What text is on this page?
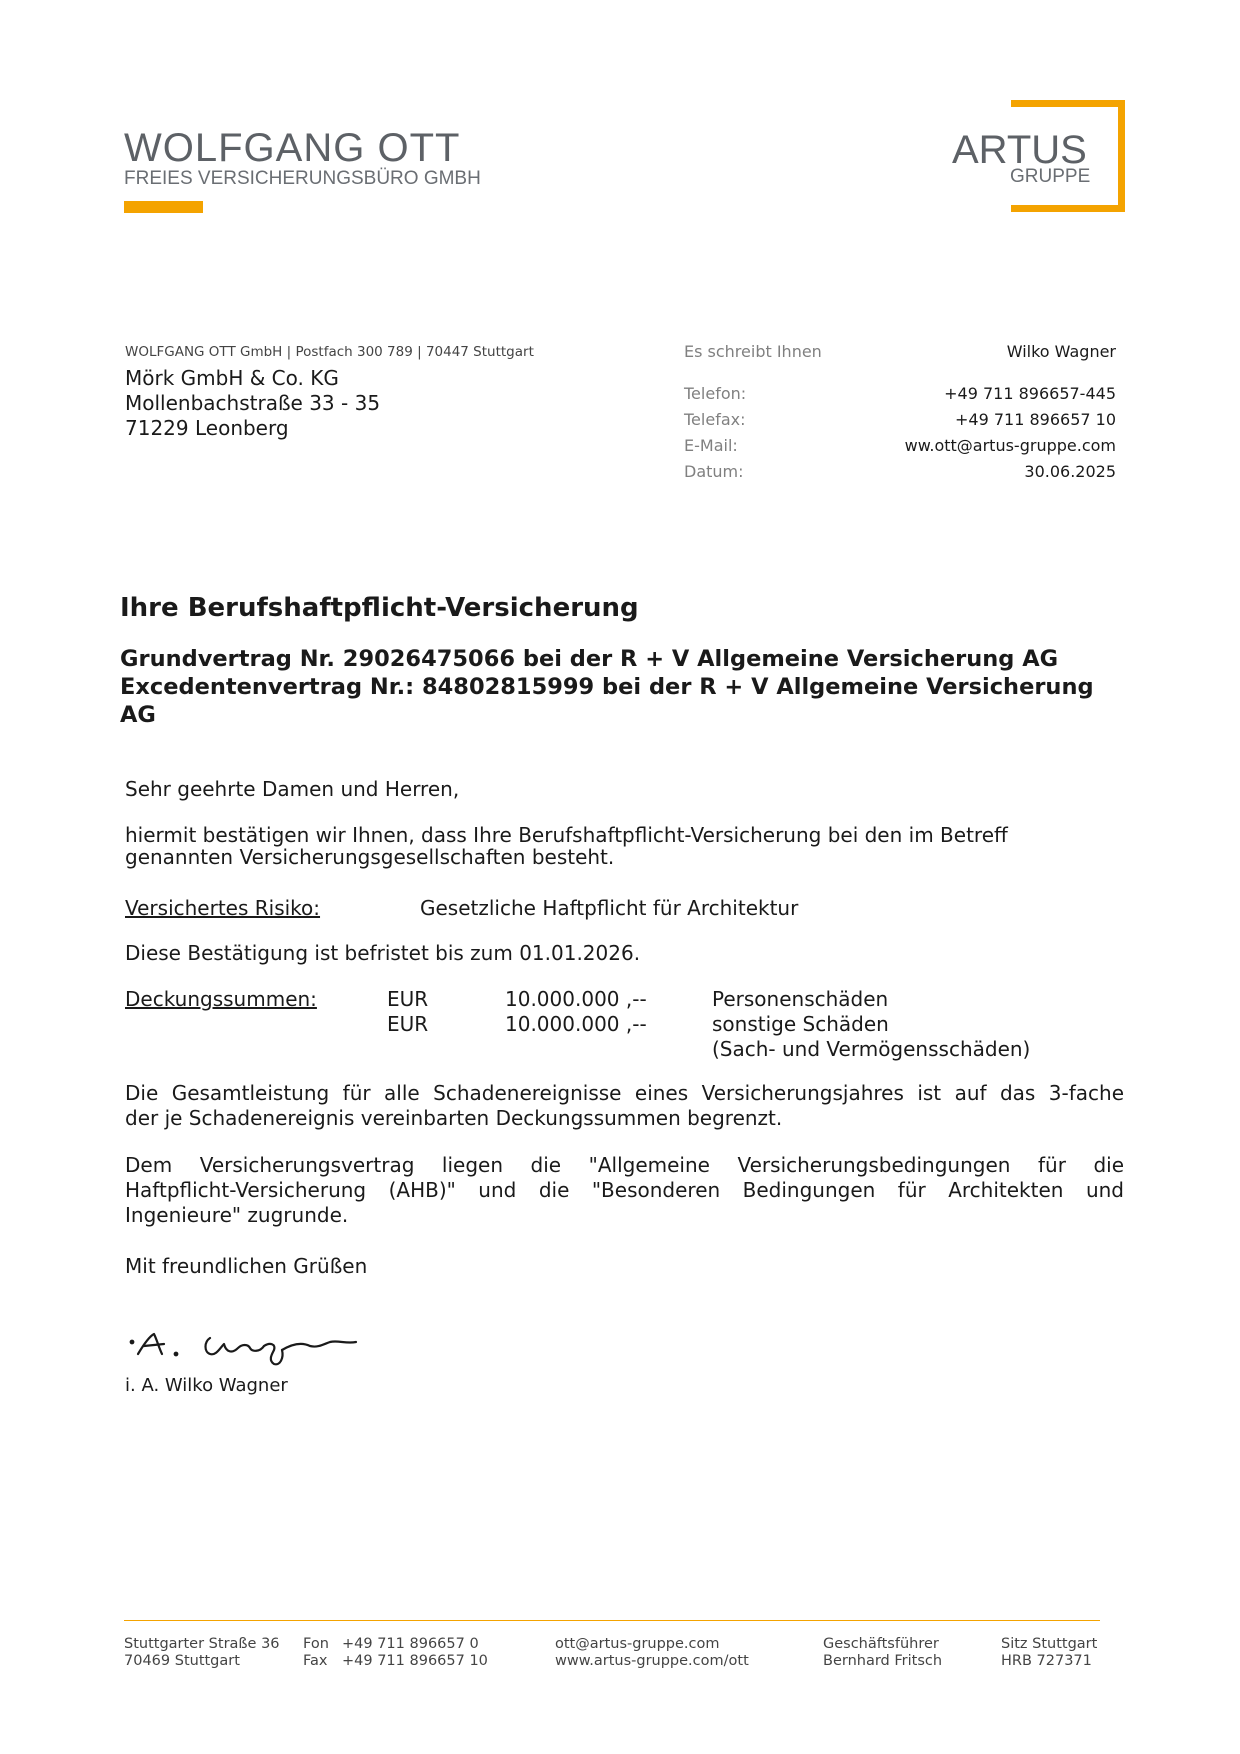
WOLFGANG OTT
FREIES VERSICHERUNGSBÜRO GMBH
ARTUS
GRUPPE
WOLFGANG OTT GmbH | Postfach 300 789 | 70447 Stuttgart
Mörk GmbH & Co. KG
Mollenbachstraße 33 - 35
71229 Leonberg
Es schreibt Ihnen	Wilko Wagner
Telefon:	+49 711 896657-445
Telefax:	+49 711 896657 10
E-Mail:	ww.ott@artus-gruppe.com
Datum:	30.06.2025
Ihre Berufshaftpflicht-Versicherung
Grundvertrag Nr. 29026475066 bei der R + V Allgemeine Versicherung AG
Excedentenvertrag Nr.: 84802815999 bei der R + V Allgemeine Versicherung
AG
Sehr geehrte Damen und Herren,
hiermit bestätigen wir Ihnen, dass Ihre Berufshaftpflicht-Versicherung bei den im Betreff
genannten Versicherungsgesellschaften besteht.
Versichertes Risiko:	Gesetzliche Haftpflicht für Architektur
Diese Bestätigung ist befristet bis zum 01.01.2026.
Deckungssummen:	EUR	10.000.000 ,--	Personenschäden
EUR	10.000.000 ,--	sonstige Schäden
(Sach- und Vermögensschäden)
Die Gesamtleistung für alle Schadenereignisse eines Versicherungsjahres ist auf das 3-fache
der je Schadenereignis vereinbarten Deckungssummen begrenzt.
Dem Versicherungsvertrag liegen die "Allgemeine Versicherungsbedingungen für die
Haftpflicht-Versicherung (AHB)" und die "Besonderen Bedingungen für Architekten und
Ingenieure" zugrunde.
Mit freundlichen Grüßen
i. A. Wilko Wagner
Stuttgarter Straße 36
70469 Stuttgart
Fon +49 711 896657 0
Fax +49 711 896657 10
ott@artus-gruppe.com
www.artus-gruppe.com/ott
Geschäftsführer
Bernhard Fritsch
Sitz Stuttgart
HRB 727371
